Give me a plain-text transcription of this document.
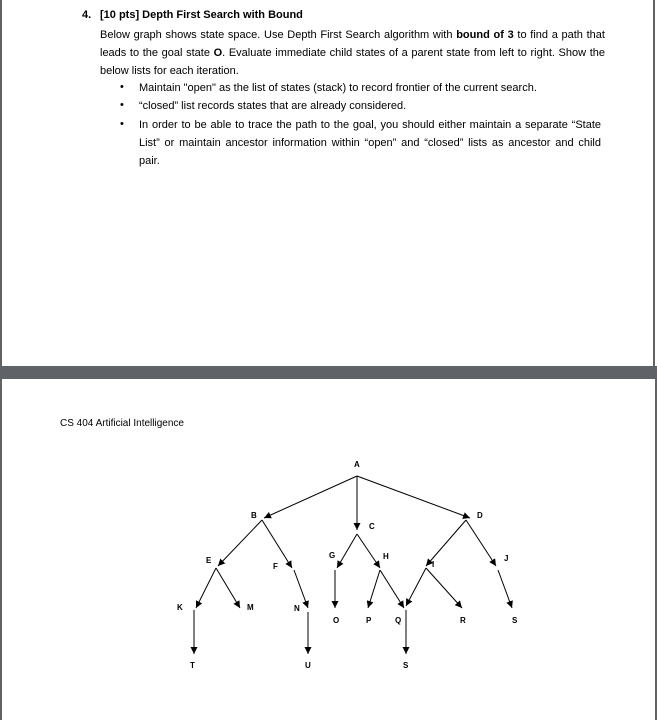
4. [10 pts] Depth First Search with Bound
Below graph shows state space. Use Depth First Search algorithm with bound of 3 to find a path that leads to the goal state O. Evaluate immediate child states of a parent state from left to right. Show the below lists for each iteration.
• Maintain "open" as the list of states (stack) to record frontier of the current search.
• “closed” list records states that are already considered.
• In order to be able to trace the path to the goal, you should either maintain a separate “State List” or maintain ancestor information within “open” and “closed” lists as ancestor and child pair.
CS 404 Artificial Intelligence
A
B
C
D
E
F
G	H
I
J
K	M	N
O	P	Q	R	S
T	U	S
